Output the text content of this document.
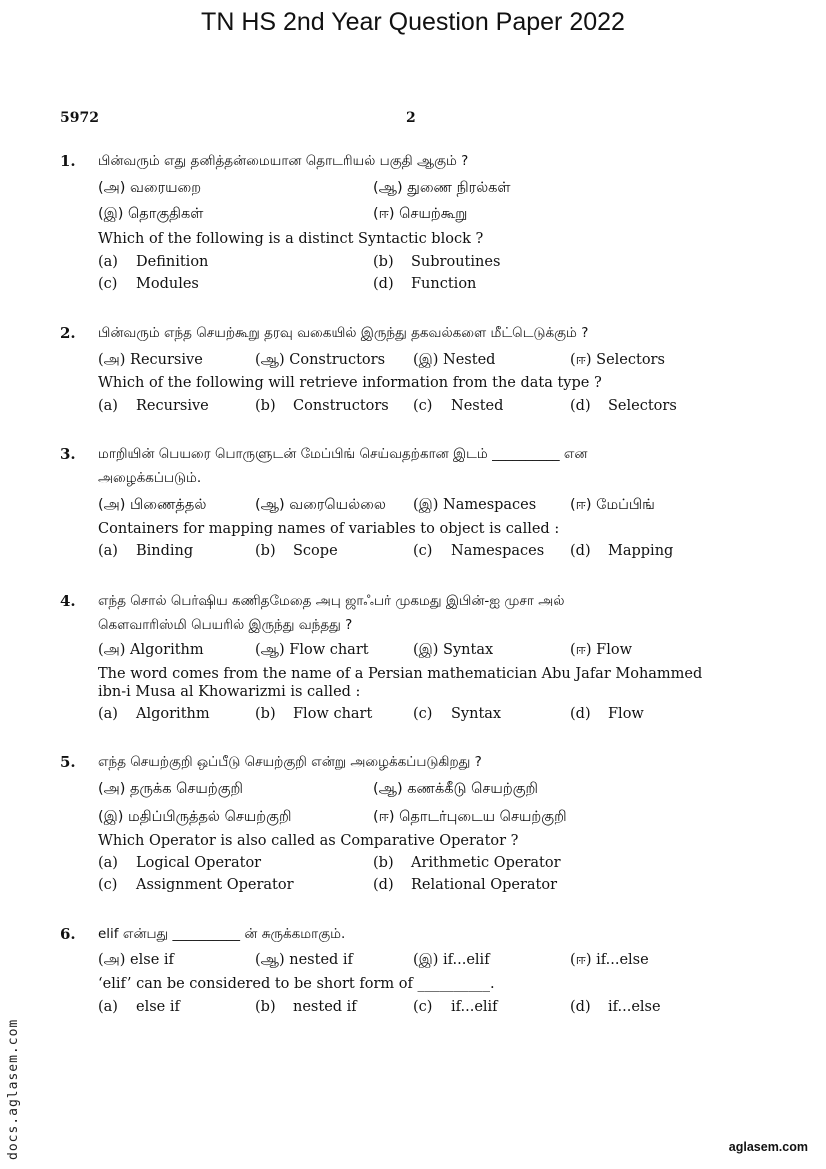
TN HS 2nd Year Question Paper 2022
5972	2
1. பின்வரும் எது தனித்தன்மையான தொடரியல் பகுதி ஆகும் ?
(அ) வரையறை	(ஆ) துணை நிரல்கள்
(இ) தொகுதிகள்	(ஈ) செயற்கூறு
Which of the following is a distinct Syntactic block ?
(a) Definition	(b) Subroutines
(c) Modules	(d) Function
2. பின்வரும் எந்த செயற்கூறு தரவு வகையில் இருந்து தகவல்களை மீட்டெடுக்கும் ?
(அ) Recursive	(ஆ) Constructors (இ) Nested	(ஈ) Selectors
Which of the following will retrieve information from the data type ?
(a) Recursive	(b) Constructors (c) Nested	(d) Selectors
3. மாறியின் பெயரை பொருளுடன் மேப்பிங் செய்வதற்கான இடம் __________ என
அழைக்கப்படும்.
(அ) பிணைத்தல்	(ஆ) வரையெல்லை (இ) Namespaces (ஈ) மேப்பிங்
Containers for mapping names of variables to object is called :
(a) Binding	(b) Scope	(c) Namespaces (d) Mapping
4. எந்த சொல் பெர்ஷிய கணிதமேதை அபு ஜாஃபர் முகமது இபின்-ஐ முசா அல்
கௌவாரிஸ்மி பெயரில் இருந்து வந்தது ?
(அ) Algorithm	(ஆ) Flow chart	(இ) Syntax	(ஈ) Flow
The word comes from the name of a Persian mathematician Abu Jafar Mohammed
ibn-i Musa al Khowarizmi is called :
(a) Algorithm	(b) Flow chart	(c) Syntax	(d) Flow
5. எந்த செயற்குறி ஒப்பீடு செயற்குறி என்று அழைக்கப்படுகிறது ?
(அ) தருக்க செயற்குறி	(ஆ) கணக்கீடு செயற்குறி
(இ) மதிப்பிருத்தல் செயற்குறி	(ஈ) தொடர்புடைய செயற்குறி
Which Operator is also called as Comparative Operator ?
(a) Logical Operator	(b) Arithmetic Operator
(c) Assignment Operator	(d) Relational Operator
6. elif என்பது __________ ன் சுருக்கமாகும்.
(அ) else if	(ஆ) nested if	(இ) if...elif	(ஈ) if...else
‘elif’ can be considered to be short form of __________.
(a) else if	(b) nested if	(c) if...elif	(d) if...else
docs.aglasem.com	aglasem.com
